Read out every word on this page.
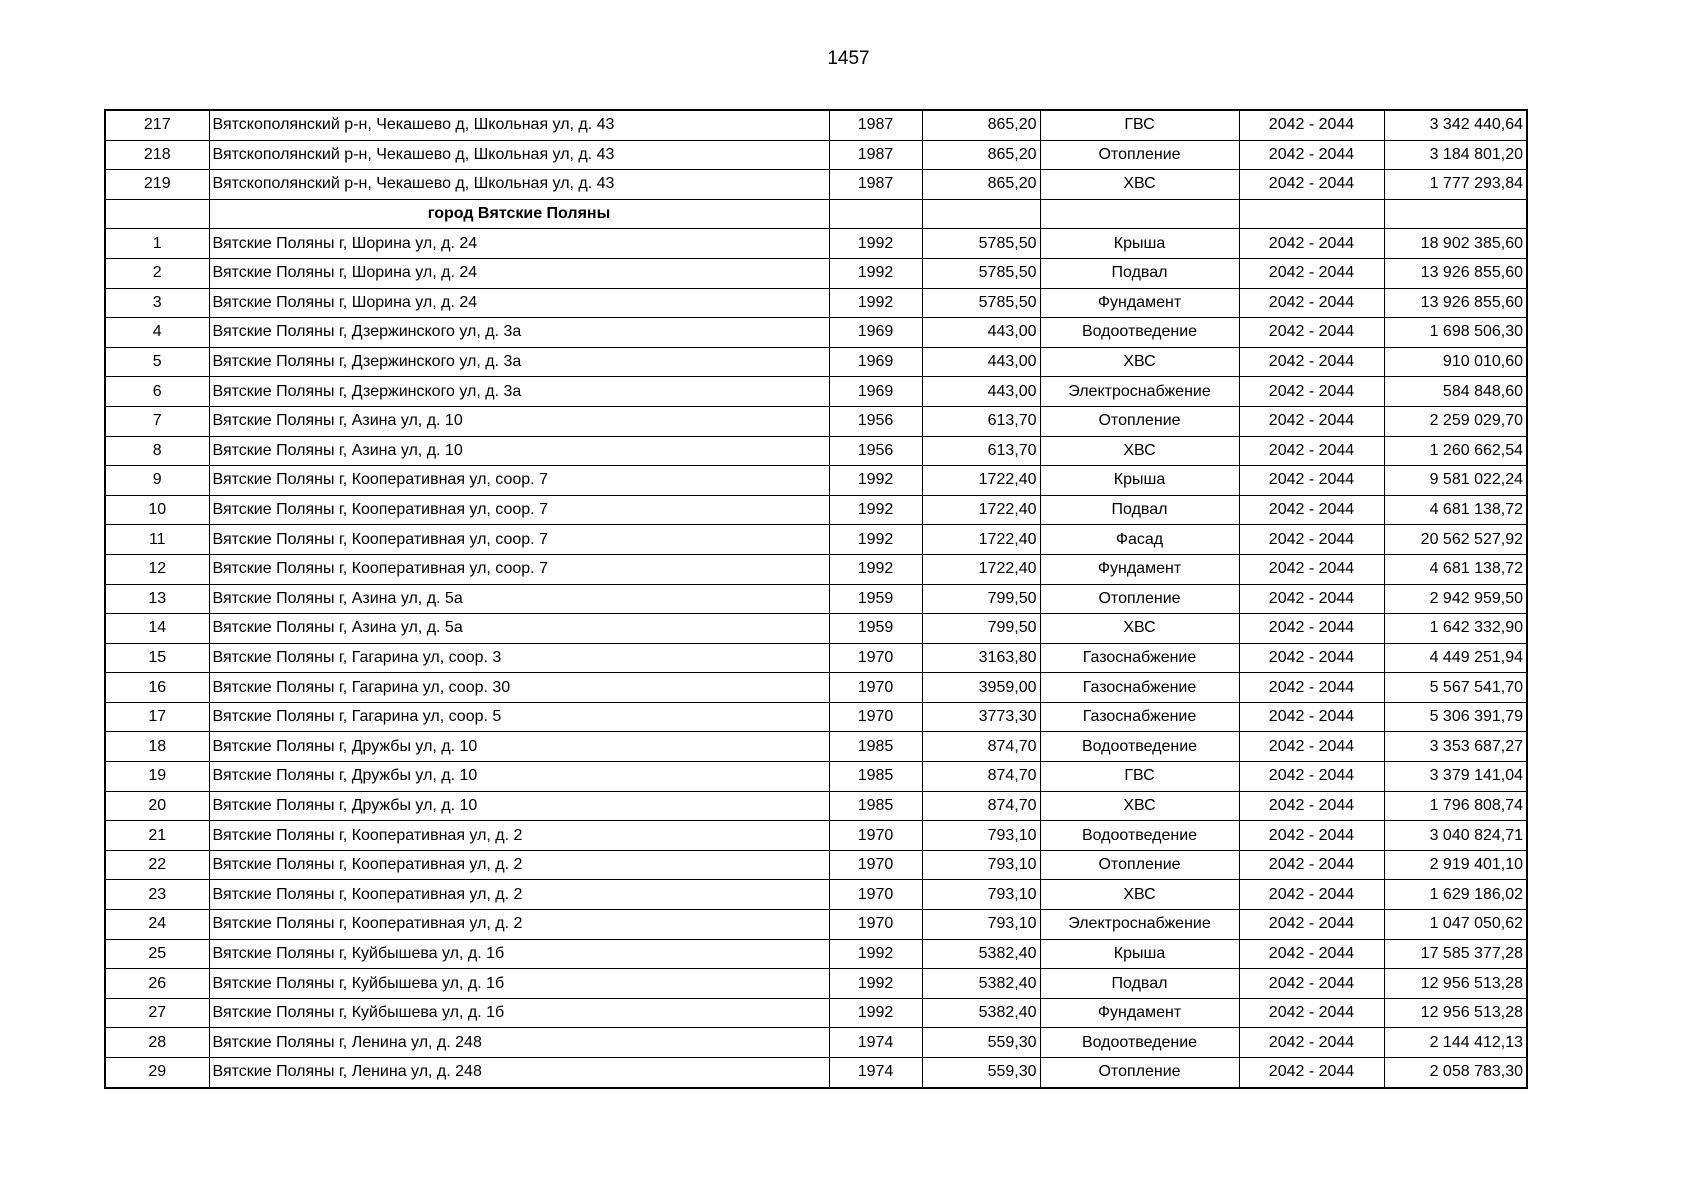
1457
217	Вятскополянский р-н, Чекашево д, Школьная ул, д. 43	1987	865,20	ГВС	2042 - 2044	3 342 440,64
218	Вятскополянский р-н, Чекашево д, Школьная ул, д. 43	1987	865,20	Отопление	2042 - 2044	3 184 801,20
219	Вятскополянский р-н, Чекашево д, Школьная ул, д. 43	1987	865,20	ХВС	2042 - 2044	1 777 293,84
	город Вятские Поляны					
1	Вятские Поляны г, Шорина ул, д. 24	1992	5785,50	Крыша	2042 - 2044	18 902 385,60
2	Вятские Поляны г, Шорина ул, д. 24	1992	5785,50	Подвал	2042 - 2044	13 926 855,60
3	Вятские Поляны г, Шорина ул, д. 24	1992	5785,50	Фундамент	2042 - 2044	13 926 855,60
4	Вятские Поляны г, Дзержинского ул, д. 3а	1969	443,00	Водоотведение	2042 - 2044	1 698 506,30
5	Вятские Поляны г, Дзержинского ул, д. 3а	1969	443,00	ХВС	2042 - 2044	910 010,60
6	Вятские Поляны г, Дзержинского ул, д. 3а	1969	443,00	Электроснабжение	2042 - 2044	584 848,60
7	Вятские Поляны г, Азина ул, д. 10	1956	613,70	Отопление	2042 - 2044	2 259 029,70
8	Вятские Поляны г, Азина ул, д. 10	1956	613,70	ХВС	2042 - 2044	1 260 662,54
9	Вятские Поляны г, Кооперативная ул, соор. 7	1992	1722,40	Крыша	2042 - 2044	9 581 022,24
10	Вятские Поляны г, Кооперативная ул, соор. 7	1992	1722,40	Подвал	2042 - 2044	4 681 138,72
11	Вятские Поляны г, Кооперативная ул, соор. 7	1992	1722,40	Фасад	2042 - 2044	20 562 527,92
12	Вятские Поляны г, Кооперативная ул, соор. 7	1992	1722,40	Фундамент	2042 - 2044	4 681 138,72
13	Вятские Поляны г, Азина ул, д. 5а	1959	799,50	Отопление	2042 - 2044	2 942 959,50
14	Вятские Поляны г, Азина ул, д. 5а	1959	799,50	ХВС	2042 - 2044	1 642 332,90
15	Вятские Поляны г, Гагарина ул, соор. 3	1970	3163,80	Газоснабжение	2042 - 2044	4 449 251,94
16	Вятские Поляны г, Гагарина ул, соор. 30	1970	3959,00	Газоснабжение	2042 - 2044	5 567 541,70
17	Вятские Поляны г, Гагарина ул, соор. 5	1970	3773,30	Газоснабжение	2042 - 2044	5 306 391,79
18	Вятские Поляны г, Дружбы ул, д. 10	1985	874,70	Водоотведение	2042 - 2044	3 353 687,27
19	Вятские Поляны г, Дружбы ул, д. 10	1985	874,70	ГВС	2042 - 2044	3 379 141,04
20	Вятские Поляны г, Дружбы ул, д. 10	1985	874,70	ХВС	2042 - 2044	1 796 808,74
21	Вятские Поляны г, Кооперативная ул, д. 2	1970	793,10	Водоотведение	2042 - 2044	3 040 824,71
22	Вятские Поляны г, Кооперативная ул, д. 2	1970	793,10	Отопление	2042 - 2044	2 919 401,10
23	Вятские Поляны г, Кооперативная ул, д. 2	1970	793,10	ХВС	2042 - 2044	1 629 186,02
24	Вятские Поляны г, Кооперативная ул, д. 2	1970	793,10	Электроснабжение	2042 - 2044	1 047 050,62
25	Вятские Поляны г, Куйбышева ул, д. 1б	1992	5382,40	Крыша	2042 - 2044	17 585 377,28
26	Вятские Поляны г, Куйбышева ул, д. 1б	1992	5382,40	Подвал	2042 - 2044	12 956 513,28
27	Вятские Поляны г, Куйбышева ул, д. 1б	1992	5382,40	Фундамент	2042 - 2044	12 956 513,28
28	Вятские Поляны г, Ленина ул, д. 248	1974	559,30	Водоотведение	2042 - 2044	2 144 412,13
29	Вятские Поляны г, Ленина ул, д. 248	1974	559,30	Отопление	2042 - 2044	2 058 783,30
